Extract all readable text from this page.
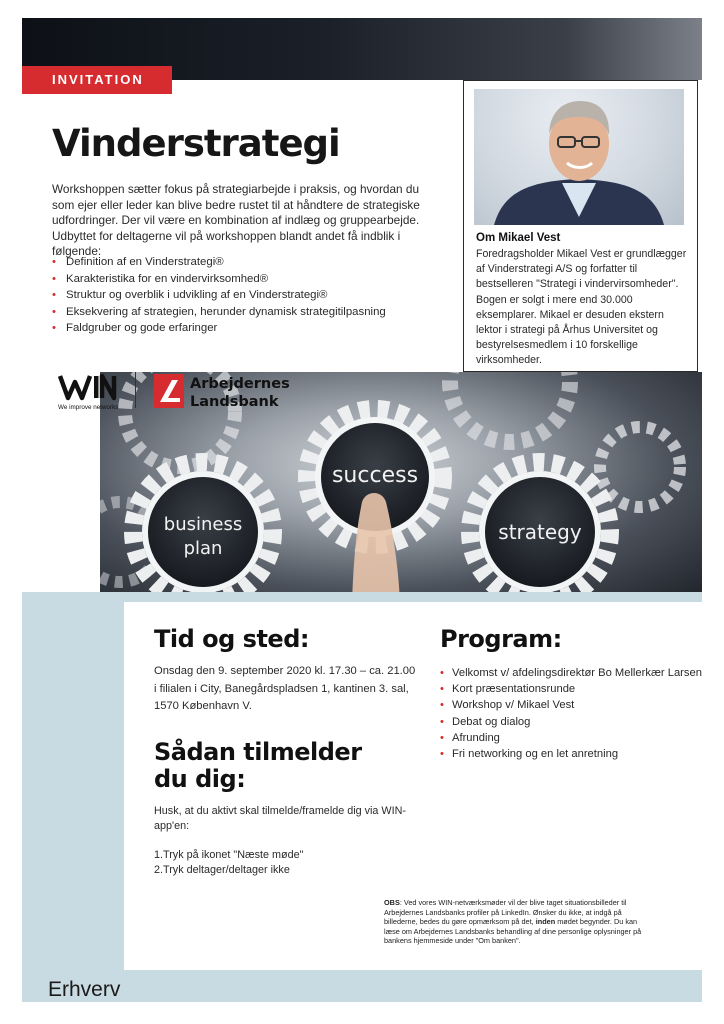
INVITATION
Vinderstrategi

Workshoppen sætter fokus på strategiarbejde i praksis, og hvordan du som ejer eller leder kan blive bedre rustet til at håndtere de strategiske udfordringer. Der vil være en kombination af indlæg og gruppearbejde. Udbyttet for deltagerne vil på workshoppen blandt andet få indblik i følgende:

• Definition af en Vinderstrategi®
• Karakteristika for en vindervirksomhed®
• Struktur og overblik i udvikling af en Vinderstrategi®
• Eksekvering af strategien, herunder dynamisk strategitilpasning
• Faldgruber og gode erfaringer
success
business
plan
strategy
Om Mikael Vest

Foredragsholder Mikael Vest er grundlægger af Vinderstrategi A/S og forfatter til bestselleren "Strategi i vindervirsomheder". Bogen er solgt i mere end 30.000 eksemplarer. Mikael er desuden ekstern lektor i strategi på Århus Universitet og bestyrelsesmedlem i 10 forskellige virksomheder.

We improve networks
Arbejdernes
Landsbank
Tid og sted:
Onsdag den 9. september 2020 kl. 17.30 – ca. 21.00
i filialen i City, Banegårdspladsen 1, kantinen 3. sal,
1570 København V.
Sådan tilmelder
du dig:

Husk, at du aktivt skal tilmelde/framelde dig via WIN-app'en:

1.Tryk på ikonet "Næste møde"
2.Tryk deltager/deltager ikke
Program:
• Velkomst v/ afdelingsdirektør Bo Mellerkær Larsen
• Kort præsentationsrunde
• Workshop v/ Mikael Vest
• Debat og dialog
• Afrunding
• Fri networking og en let anretning

OBS: Ved vores WIN-netværksmøder vil der blive taget situationsbilleder til Arbejdernes Landsbanks profiler på LinkedIn. Ønsker du ikke, at indgå på billederne, bedes du gøre opmærksom på det, inden mødet begynder. Du kan læse om Arbejdernes Landsbanks behandling af dine personlige oplysninger på bankens hjemmeside under "Om banken".

Erhverv
